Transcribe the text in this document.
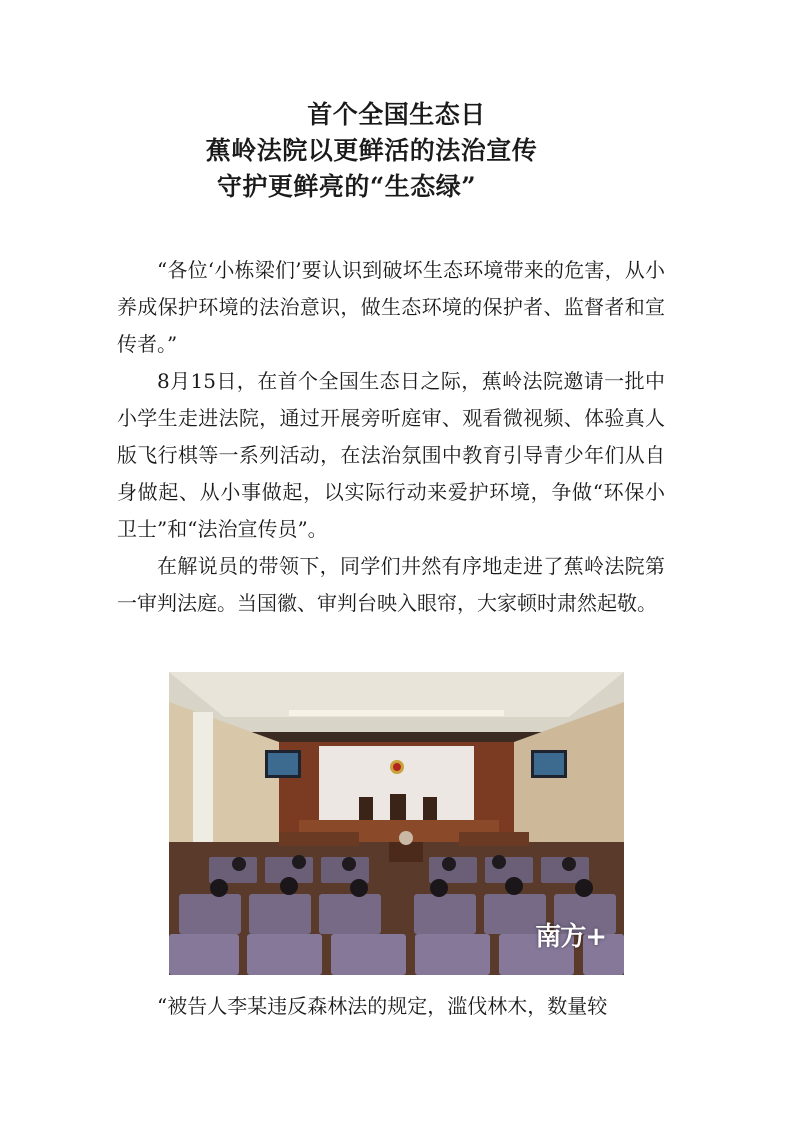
首个全国生态日

蕉岭法院以更鲜活的法治宣传

守护更鲜亮的“生态绿”

“各位‘小栋梁们’要认识到破坏生态环境带来的危害，从小养成保护环境的法治意识，做生态环境的保护者、监督者和宣传者。”

8月15日，在首个全国生态日之际，蕉岭法院邀请一批中小学生走进法院，通过开展旁听庭审、观看微视频、体验真人版飞行棋等一系列活动，在法治氛围中教育引导青少年们从自身做起、从小事做起，以实际行动来爱护环境，争做“环保小卫士”和“法治宣传员”。

在解说员的带领下，同学们井然有序地走进了蕉岭法院第一审判法庭。当国徽、审判台映入眼帘，大家顿时肃然起敬。

南方+

“被告人李某违反森林法的规定，滥伐林木，数量较
